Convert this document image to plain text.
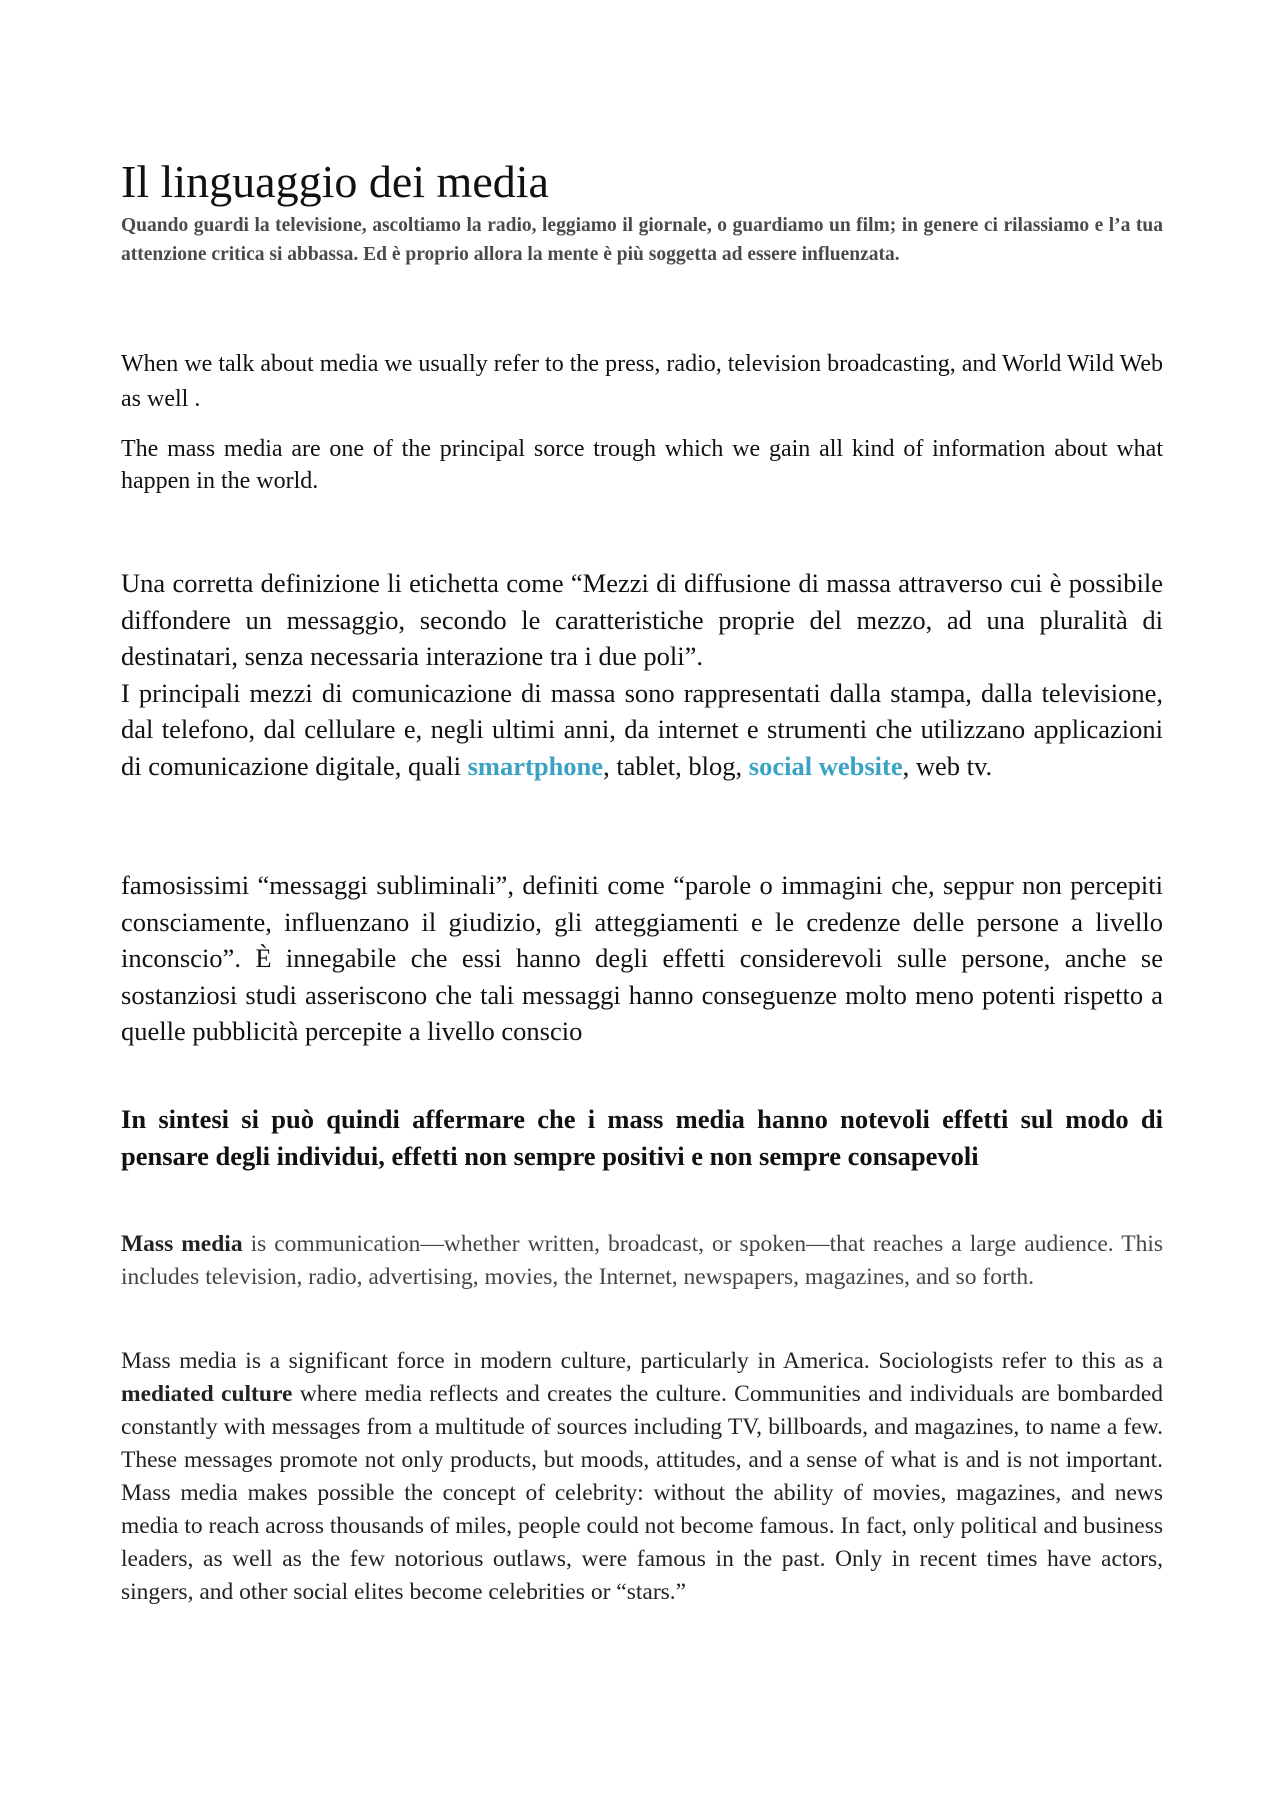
Il linguaggio dei media

Quando guardi la televisione, ascoltiamo la radio, leggiamo il giornale, o guardiamo un film; in genere ci rilassiamo e l’a tua attenzione critica si abbassa. Ed è proprio allora la mente è più soggetta ad essere influenzata.

When we talk about media we usually refer to the press, radio, television broadcasting, and World Wild Web as well .

The mass media are one of the principal sorce trough which we gain all kind of information about what happen in the world.

Una corretta definizione li etichetta come “Mezzi di diffusione di massa attraverso cui è possibile diffondere un messaggio, secondo le caratteristiche proprie del mezzo, ad una pluralità di destinatari, senza necessaria interazione tra i due poli”.
I principali mezzi di comunicazione di massa sono rappresentati dalla stampa, dalla televisione, dal telefono, dal cellulare e, negli ultimi anni, da internet e strumenti che utilizzano applicazioni di comunicazione digitale, quali smartphone, tablet, blog, social website, web tv.

famosissimi “messaggi subliminali”, definiti come “parole o immagini che, seppur non percepiti consciamente, influenzano il giudizio, gli atteggiamenti e le credenze delle persone a livello inconscio”. È innegabile che essi hanno degli effetti considerevoli sulle persone, anche se sostanziosi studi asseriscono che tali messaggi hanno conseguenze molto meno potenti rispetto a quelle pubblicità percepite a livello conscio

In sintesi si può quindi affermare che i mass media hanno notevoli effetti sul modo di pensare degli individui, effetti non sempre positivi e non sempre consapevoli

Mass media is communication—whether written, broadcast, or spoken—that reaches a large audience. This includes television, radio, advertising, movies, the Internet, newspapers, magazines, and so forth.

Mass media is a significant force in modern culture, particularly in America. Sociologists refer to this as a mediated culture where media reflects and creates the culture. Communities and individuals are bombarded constantly with messages from a multitude of sources including TV, billboards, and magazines, to name a few. These messages promote not only products, but moods, attitudes, and a sense of what is and is not important. Mass media makes possible the concept of celebrity: without the ability of movies, magazines, and news media to reach across thousands of miles, people could not become famous. In fact, only political and business leaders, as well as the few notorious outlaws, were famous in the past. Only in recent times have actors, singers, and other social elites become celebrities or “stars.”
